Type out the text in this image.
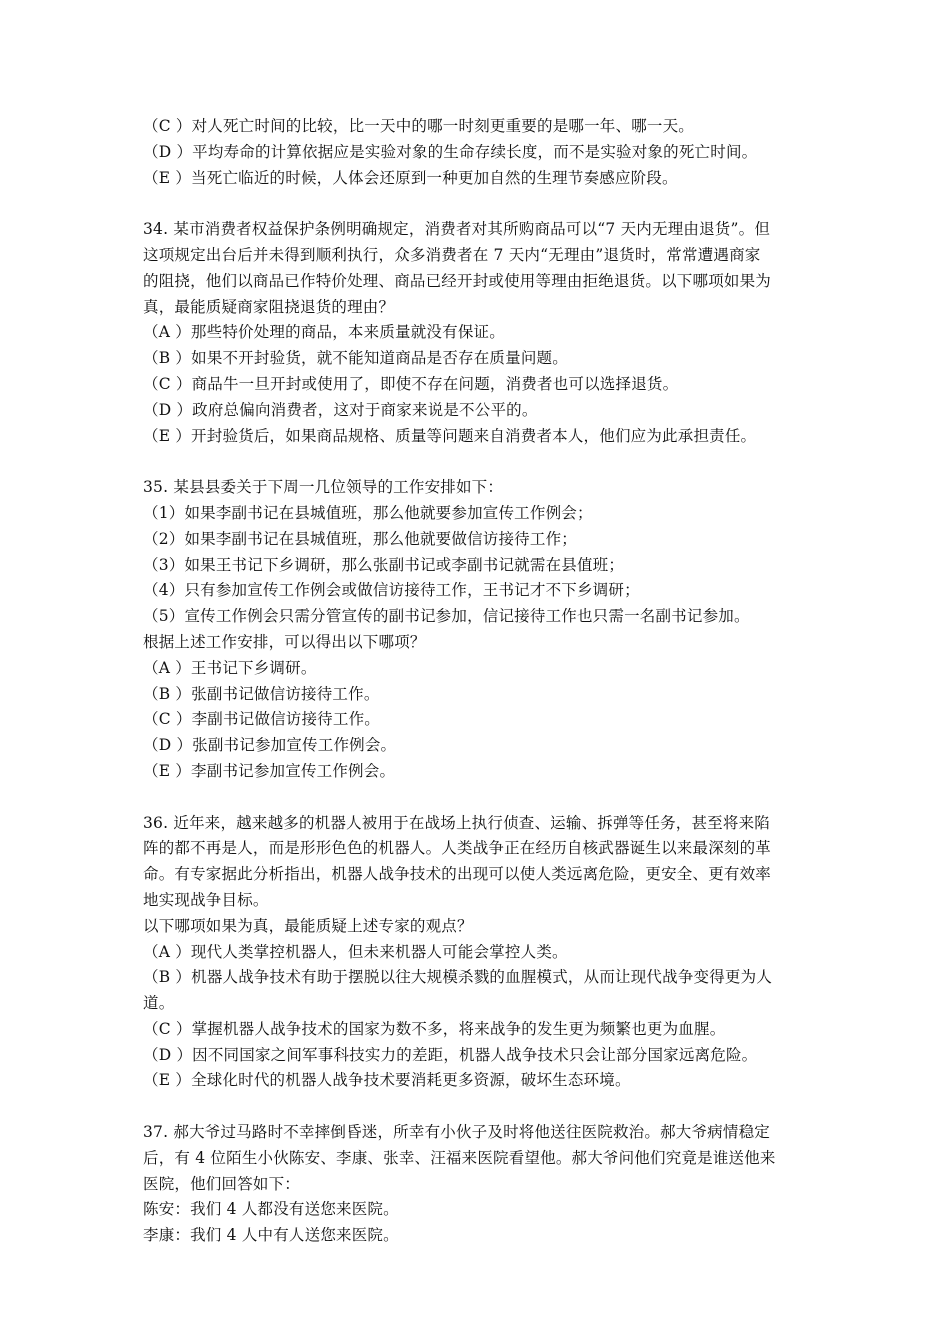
（C ）对人死亡时间的比较，比一天中的哪一时刻更重要的是哪一年、哪一天。
（D ）平均寿命的计算依据应是实验对象的生命存续长度，而不是实验对象的死亡时间。
（E ）当死亡临近的时候，人体会还原到一种更加自然的生理节奏感应阶段。
34. 某市消费者权益保护条例明确规定，消费者对其所购商品可以“7 天内无理由退货”。但
这项规定出台后并未得到顺利执行，众多消费者在 7 天内“无理由”退货时，常常遭遇商家
的阻挠，他们以商品已作特价处理、商品已经开封或使用等理由拒绝退货。以下哪项如果为
真，最能质疑商家阻挠退货的理由？
（A ）那些特价处理的商品，本来质量就没有保证。
（B ）如果不开封验货，就不能知道商品是否存在质量问题。
（C ）商品牛一旦开封或使用了，即使不存在问题，消费者也可以选择退货。
（D ）政府总偏向消费者，这对于商家来说是不公平的。
（E ）开封验货后，如果商品规格、质量等问题来自消费者本人，他们应为此承担责任。
35. 某县县委关于下周一几位领导的工作安排如下：
（1）如果李副书记在县城值班，那么他就要参加宣传工作例会；
（2）如果李副书记在县城值班，那么他就要做信访接待工作；
（3）如果王书记下乡调研，那么张副书记或李副书记就需在县值班；
（4）只有参加宣传工作例会或做信访接待工作，王书记才不下乡调研；
（5）宣传工作例会只需分管宣传的副书记参加，信记接待工作也只需一名副书记参加。
根据上述工作安排，可以得出以下哪项？
（A ）王书记下乡调研。
（B ）张副书记做信访接待工作。
（C ）李副书记做信访接待工作。
（D ）张副书记参加宣传工作例会。
（E ）李副书记参加宣传工作例会。
36. 近年来，越来越多的机器人被用于在战场上执行侦查、运输、拆弹等任务，甚至将来陷
阵的都不再是人，而是形形色色的机器人。人类战争正在经历自核武器诞生以来最深刻的革
命。有专家据此分析指出，机器人战争技术的出现可以使人类远离危险，更安全、更有效率
地实现战争目标。
以下哪项如果为真，最能质疑上述专家的观点？
（A ）现代人类掌控机器人，但未来机器人可能会掌控人类。
（B ）机器人战争技术有助于摆脱以往大规模杀戮的血腥模式，从而让现代战争变得更为人
道。
（C ）掌握机器人战争技术的国家为数不多，将来战争的发生更为频繁也更为血腥。
（D ）因不同国家之间军事科技实力的差距，机器人战争技术只会让部分国家远离危险。
（E ）全球化时代的机器人战争技术要消耗更多资源，破坏生态环境。
37. 郝大爷过马路时不幸摔倒昏迷，所幸有小伙子及时将他送往医院救治。郝大爷病情稳定
后，有 4 位陌生小伙陈安、李康、张幸、汪福来医院看望他。郝大爷问他们究竟是谁送他来
医院，他们回答如下：
陈安：我们 4 人都没有送您来医院。
李康：我们 4 人中有人送您来医院。
